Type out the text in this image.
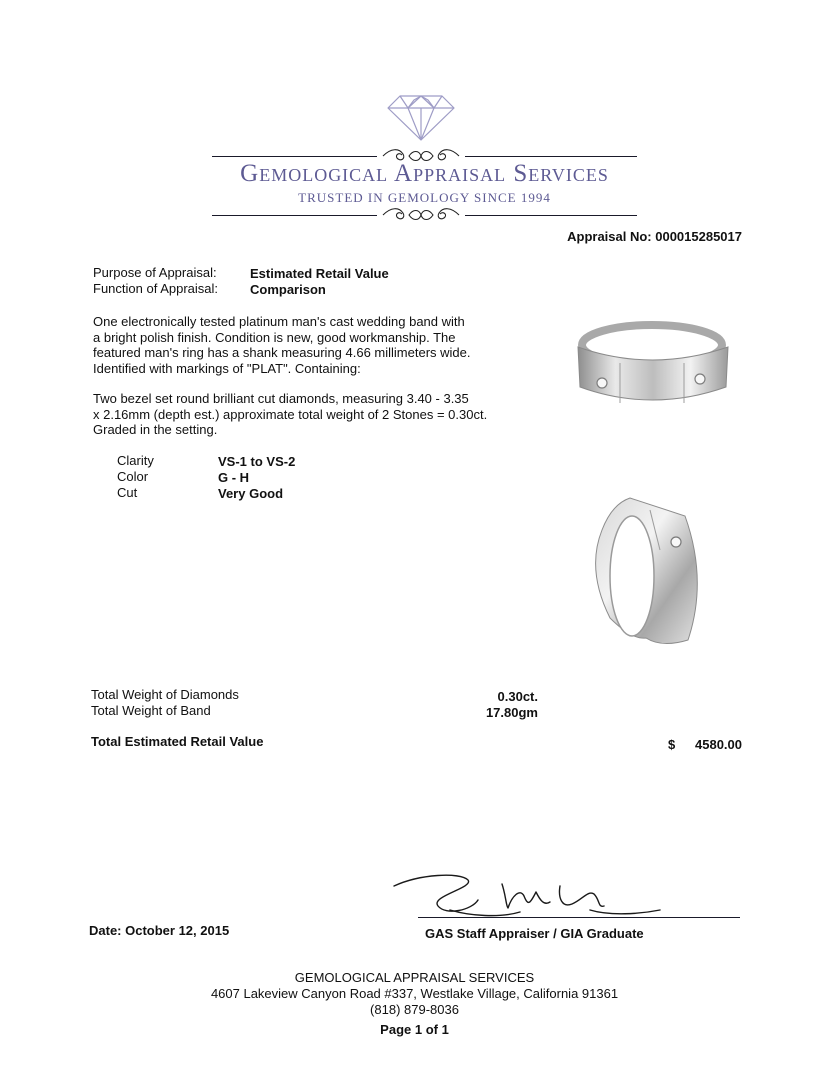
Gemological Appraisal Services
TRUSTED IN GEMOLOGY SINCE 1994
Appraisal No: 000015285017
Purpose of Appraisal:	Estimated Retail Value
Function of Appraisal: Comparison
One electronically tested platinum man's cast wedding band with
a bright polish finish. Condition is new, good workmanship. The
featured man's ring has a shank measuring 4.66 millimeters wide.
Identified with markings of "PLAT". Containing:
Two bezel set round brilliant cut diamonds, measuring 3.40 - 3.35
x 2.16mm (depth est.) approximate total weight of 2 Stones = 0.30ct.
Graded in the setting.
Clarity	VS-1 to VS-2
Color	G - H
Cut	Very Good
Total Weight of Diamonds	0.30ct.
Total Weight of Band	17.80gm
Total Estimated Retail Value	$	4580.00
Date: October 12, 2015	GAS Staff Appraiser / GIA Graduate
GEMOLOGICAL APPRAISAL SERVICES
4607 Lakeview Canyon Road #337, Westlake Village, California 91361
(818) 879-8036
Page 1 of 1
